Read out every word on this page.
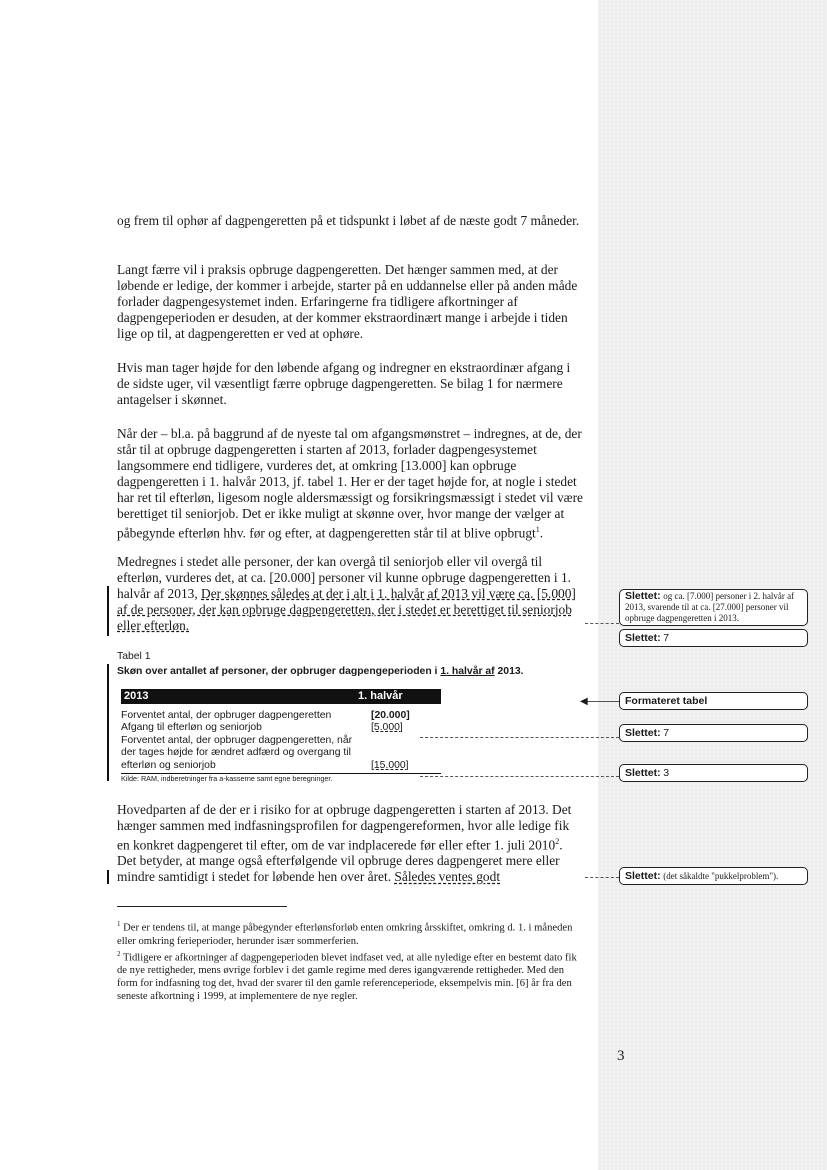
og frem til ophør af dagpengeretten på et tidspunkt i løbet af de næste godt 7 måneder.

Langt færre vil i praksis opbruge dagpengeretten. Det hænger sammen med, at der løbende er ledige, der kommer i arbejde, starter på en uddannelse eller på anden måde forlader dagpengesystemet inden. Erfaringerne fra tidligere afkortninger af dagpengeperioden er desuden, at der kommer ekstraordinært mange i arbejde i tiden lige op til, at dagpengeretten er ved at ophøre.

Hvis man tager højde for den løbende afgang og indregner en ekstraordinær afgang i de sidste uger, vil væsentligt færre opbruge dagpengeretten. Se bilag 1 for nærmere antagelser i skønnet.

Når der – bl.a. på baggrund af de nyeste tal om afgangsmønstret – indregnes, at de, der står til at opbruge dagpengeretten i starten af 2013, forlader dagpengesystemet langsommere end tidligere, vurderes det, at omkring [13.000] kan opbruge dagpengeretten i 1. halvår 2013, jf. tabel 1. Her er der taget højde for, at nogle i stedet har ret til efterløn, ligesom nogle aldersmæssigt og forsikringsmæssigt i stedet vil være berettiget til seniorjob. Det er ikke muligt at skønne over, hvor mange der vælger at påbegynde efterløn hhv. før og efter, at dagpengeretten står til at blive opbrugt$^1$.

Medregnes i stedet alle personer, der kan overgå til seniorjob eller vil overgå til efterløn, vurderes det, at ca. [20.000] personer vil kunne opbruge dagpengeretten i 1. halvår af 2013, Der skønnes således at der i alt i 1. halvår af 2013 vil være ca. [5.000] af de personer, der kan opbruge dagpengeretten, der i stedet er berettiget til seniorjob eller efterløn.

Tabel 1
Skøn over antallet af personer, der opbruger dagpengeperioden i 1. halvår af 2013.
2013	1. halvår
Forventet antal, der opbruger dagpengeretten	[20.000]
Afgang til efterløn og seniorjob	[5.000]
Forventet antal, der opbruger dagpengeretten, når
der tages højde for ændret adfærd og overgang til
efterløn og seniorjob	[15.000]
Kilde: RAM, indberetninger fra a-kasserne samt egne beregninger.

Hovedparten af de der er i risiko for at opbruge dagpengeretten i starten af 2013. Det hænger sammen med indfasningsprofilen for dagpengereformen, hvor alle ledige fik en konkret dagpengeret til efter, om de var indplacerede før eller efter 1. juli 2010$^2$. Det betyder, at mange også efterfølgende vil opbruge deres dagpengeret mere eller mindre samtidigt i stedet for løbende hen over året. Således ventes godt

$^1$ Der er tendens til, at mange påbegynder efterlønsforløb enten omkring årsskiftet, omkring d. 1. i måneden eller omkring ferieperioder, herunder især sommerferien.

$^2$ Tidligere er afkortninger af dagpengeperioden blevet indfaset ved, at alle nyledige efter en bestemt dato fik de nye rettigheder, mens øvrige forblev i det gamle regime med deres igangværende rettigheder. Med den form for indfasning tog det, hvad der svarer til den gamle referenceperiode, eksempelvis min. [6] år fra den seneste afkortning i 1999, at implementere de nye regler.

3
Slettet: og ca. [7.000] personer i 2. halvår af 2013, svarende til at ca. [27.000] personer vil opbruge dagpengeretten i 2013.
Slettet: 7
◀	Formateret tabel
Slettet: 7
Slettet: 3
Slettet: (det såkaldte "pukkelproblem").
